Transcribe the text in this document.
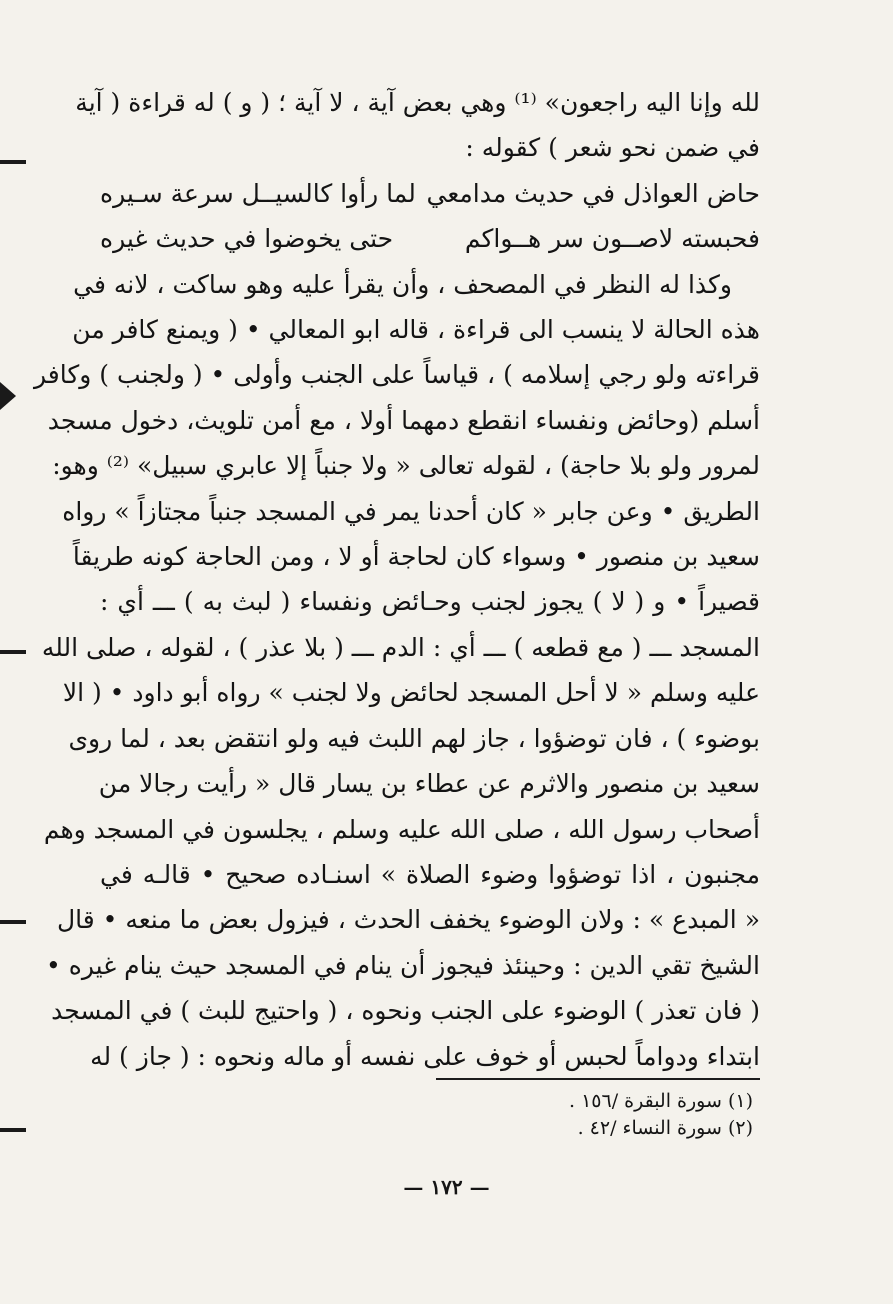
لله وإنا اليه راجعون» ⁽¹⁾ وهي بعض آية ، لا آية ؛ ( و ) له قراءة ( آية
في ضمن نحو شعر ) كقوله :
حاض العواذل في حديث مدامعي
لما رأوا كالسيــل سرعة سـيره
فحبسته لاصــون سر هــواكم
حتى يخوضوا في حديث غيره
وكذا له النظر في المصحف ، وأن يقرأ عليه وهو ساكت ، لانه في
هذه الحالة لا ينسب الى قراءة ، قاله ابو المعالي • ( ويمنع كافر من
قراءته ولو رجي إسلامه ) ، قياساً على الجنب وأولى • ( ولجنب ) وكافر
أسلم (وحائض ونفساء انقطع دمهما أولا ، مع أمن تلويث، دخول مسجد
لمرور ولو بلا حاجة) ، لقوله تعالى « ولا جنباً إلا عابري سبيل» ⁽²⁾ وهو:
الطريق • وعن جابر « كان أحدنا يمر في المسجد جنباً مجتازاً » رواه
سعيد بن منصور • وسواء كان لحاجة أو لا ، ومن الحاجة كونه طريقاً
قصيراً • و ( لا ) يجوز لجنب وحـائض ونفساء ( لبث به ) ـــ أي :
المسجد ـــ ( مع قطعه ) ـــ أي : الدم ـــ ( بلا عذر ) ، لقوله ، صلى الله
عليه وسلم « لا أحل المسجد لحائض ولا لجنب » رواه أبو داود • ( الا
بوضوء ) ، فان توضؤوا ، جاز لهم اللبث فيه ولو انتقض بعد ، لما روى
سعيد بن منصور والاثرم عن عطاء بن يسار قال « رأيت رجالا من
أصحاب رسول الله ، صلى الله عليه وسلم ، يجلسون في المسجد وهم
مجنبون ، اذا توضؤوا وضوء الصلاة » اسنـاده صحيح • قالـه في
« المبدع » : ولان الوضوء يخفف الحدث ، فيزول بعض ما منعه • قال
الشيخ تقي الدين : وحينئذ فيجوز أن ينام في المسجد حيث ينام غيره •
( فان تعذر ) الوضوء على الجنب ونحوه ، ( واحتيج للبث ) في المسجد
ابتداء ودواماً لحبس أو خوف على نفسه أو ماله ونحوه : ( جاز ) له
(١) سورة البقرة /١٥٦ .
(٢) سورة النساء /٤٢ .
— ١٧٢ —
